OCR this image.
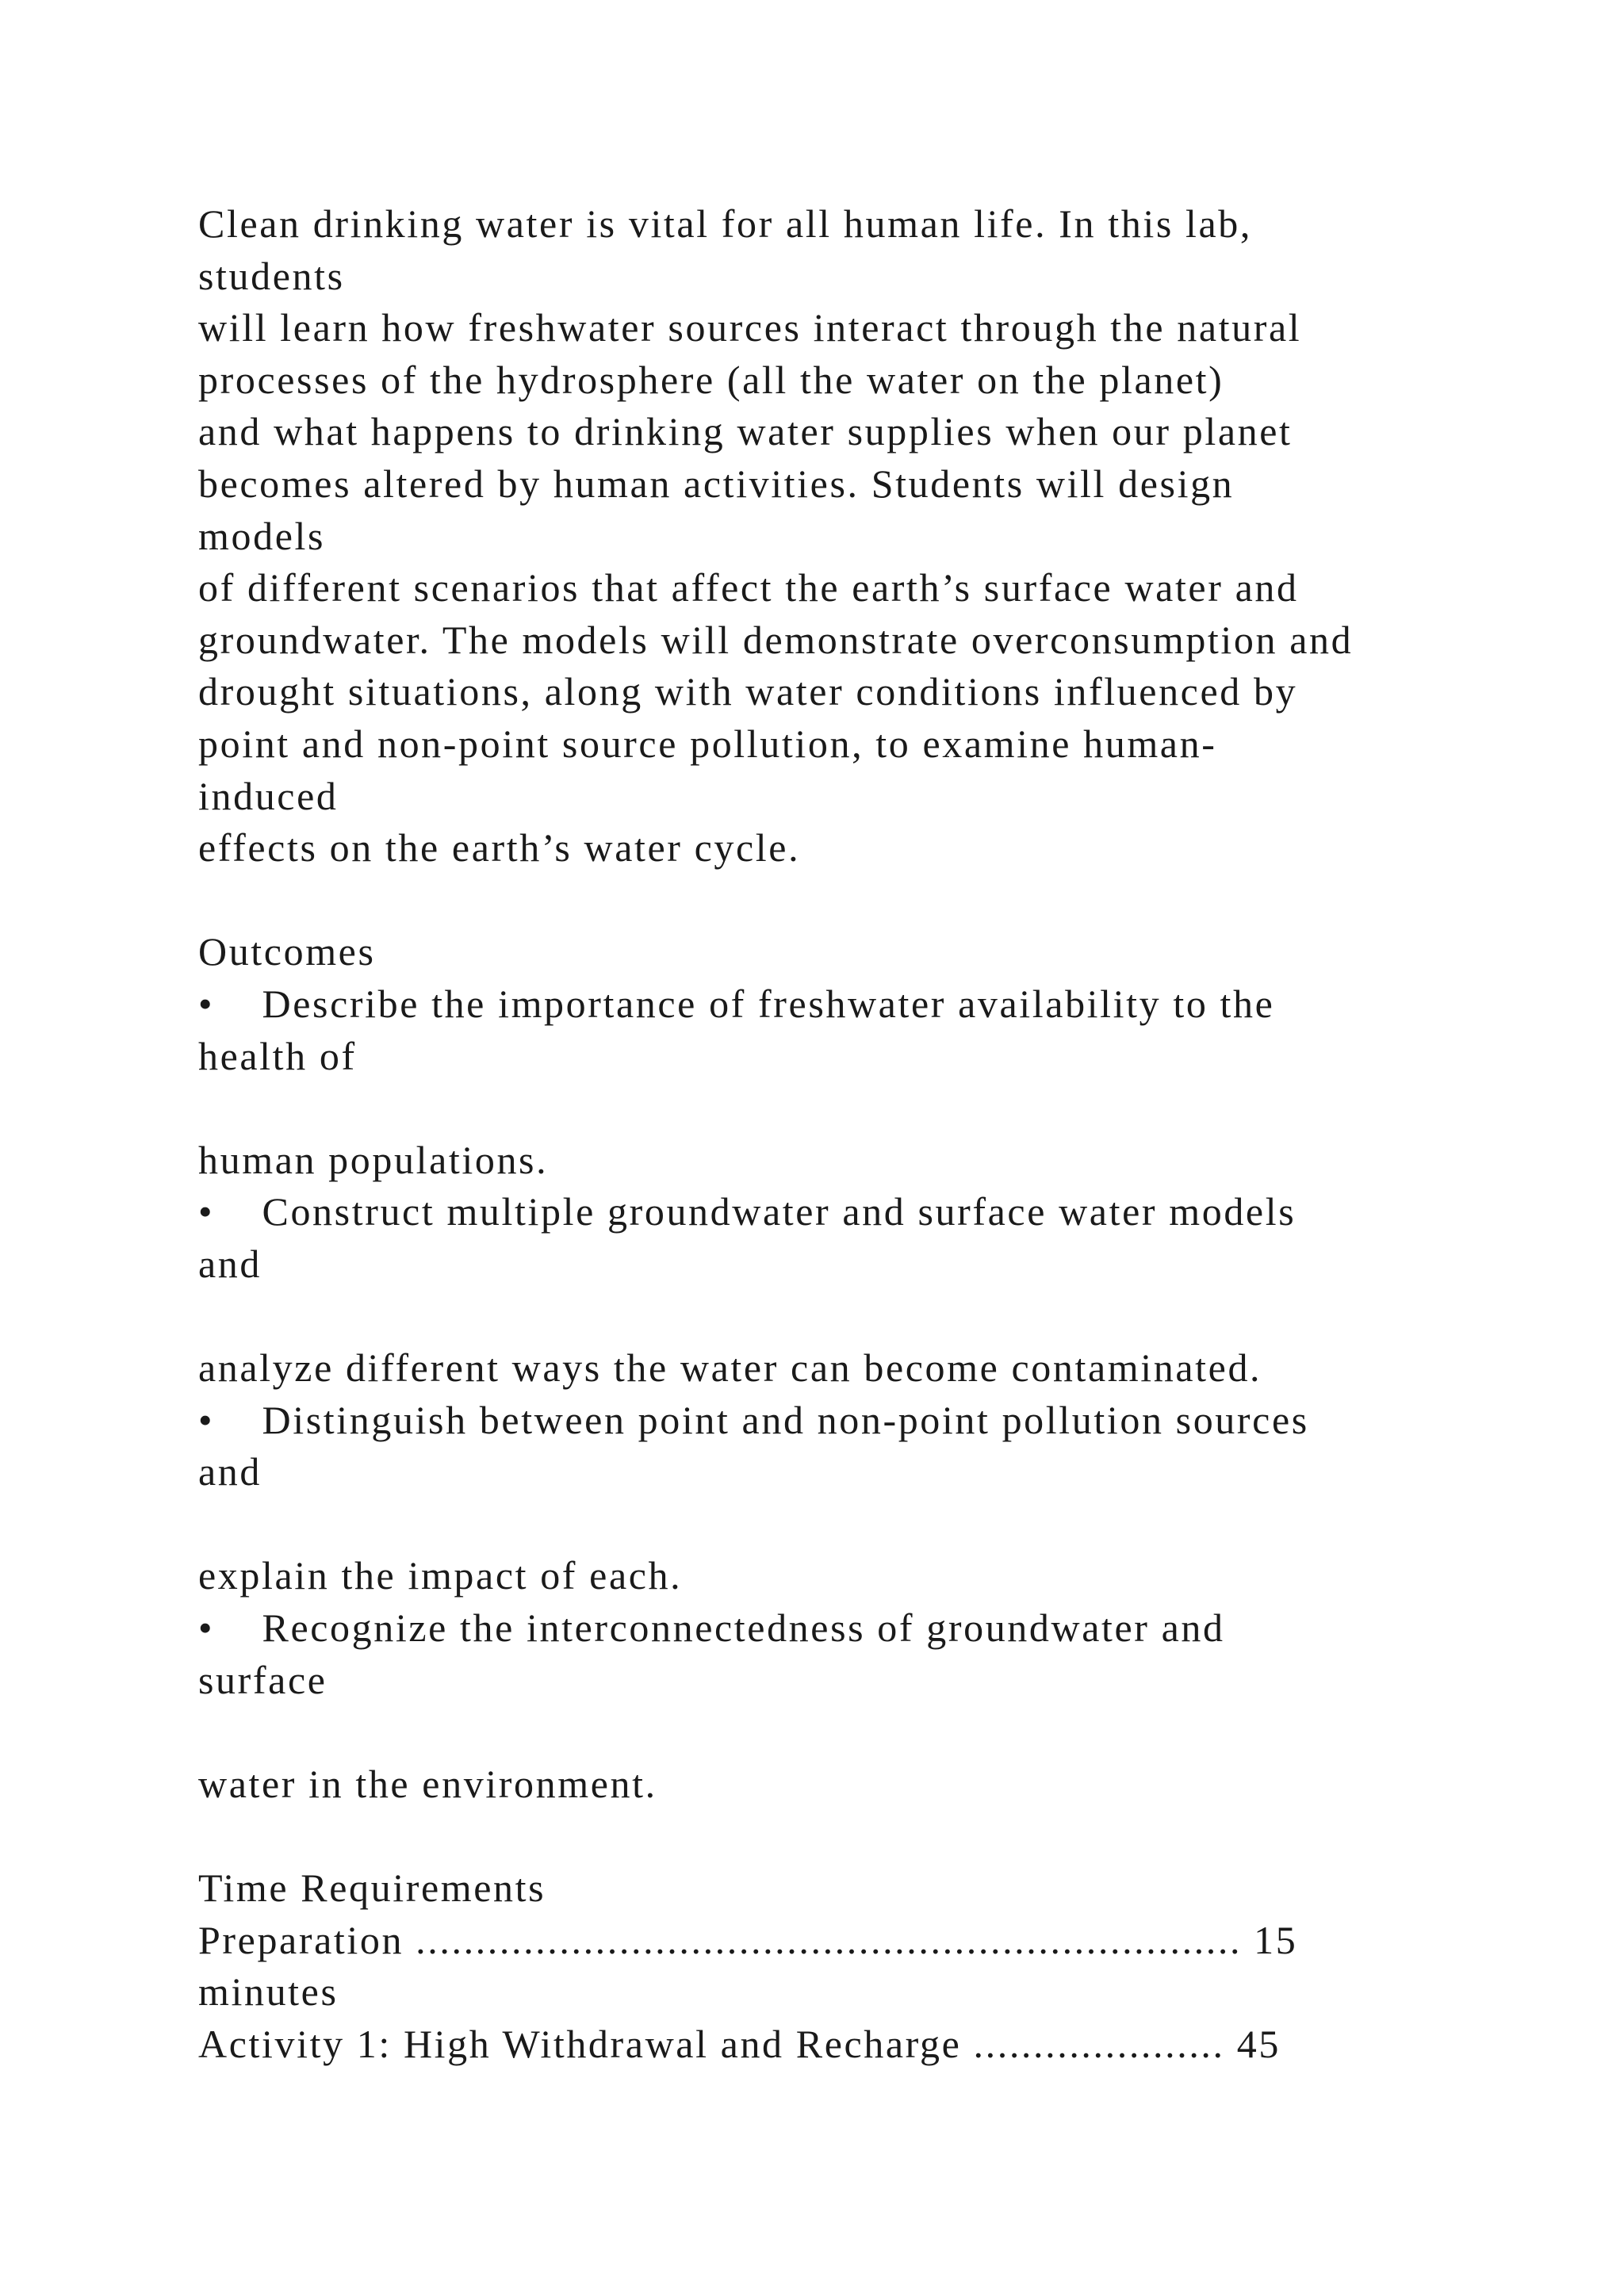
Clean drinking water is vital for all human life. In this lab,
students
will learn how freshwater sources interact through the natural
processes of the hydrosphere (all the water on the planet)
and what happens to drinking water supplies when our planet
becomes altered by human activities. Students will design
models
of different scenarios that affect the earth’s surface water and
groundwater. The models will demonstrate overconsumption and
drought situations, along with water conditions influenced by
point and non-point source pollution, to examine human-
induced
effects on the earth’s water cycle.
Outcomes
•    Describe the importance of freshwater availability to the
health of
human populations.
•    Construct multiple groundwater and surface water models
and
analyze different ways the water can become contaminated.
•    Distinguish between point and non-point pollution sources
and
explain the impact of each.
•    Recognize the interconnectedness of groundwater and
surface
water in the environment.
Time Requirements
Preparation ..................................................................... 15
minutes
Activity 1: High Withdrawal and Recharge ..................... 45
